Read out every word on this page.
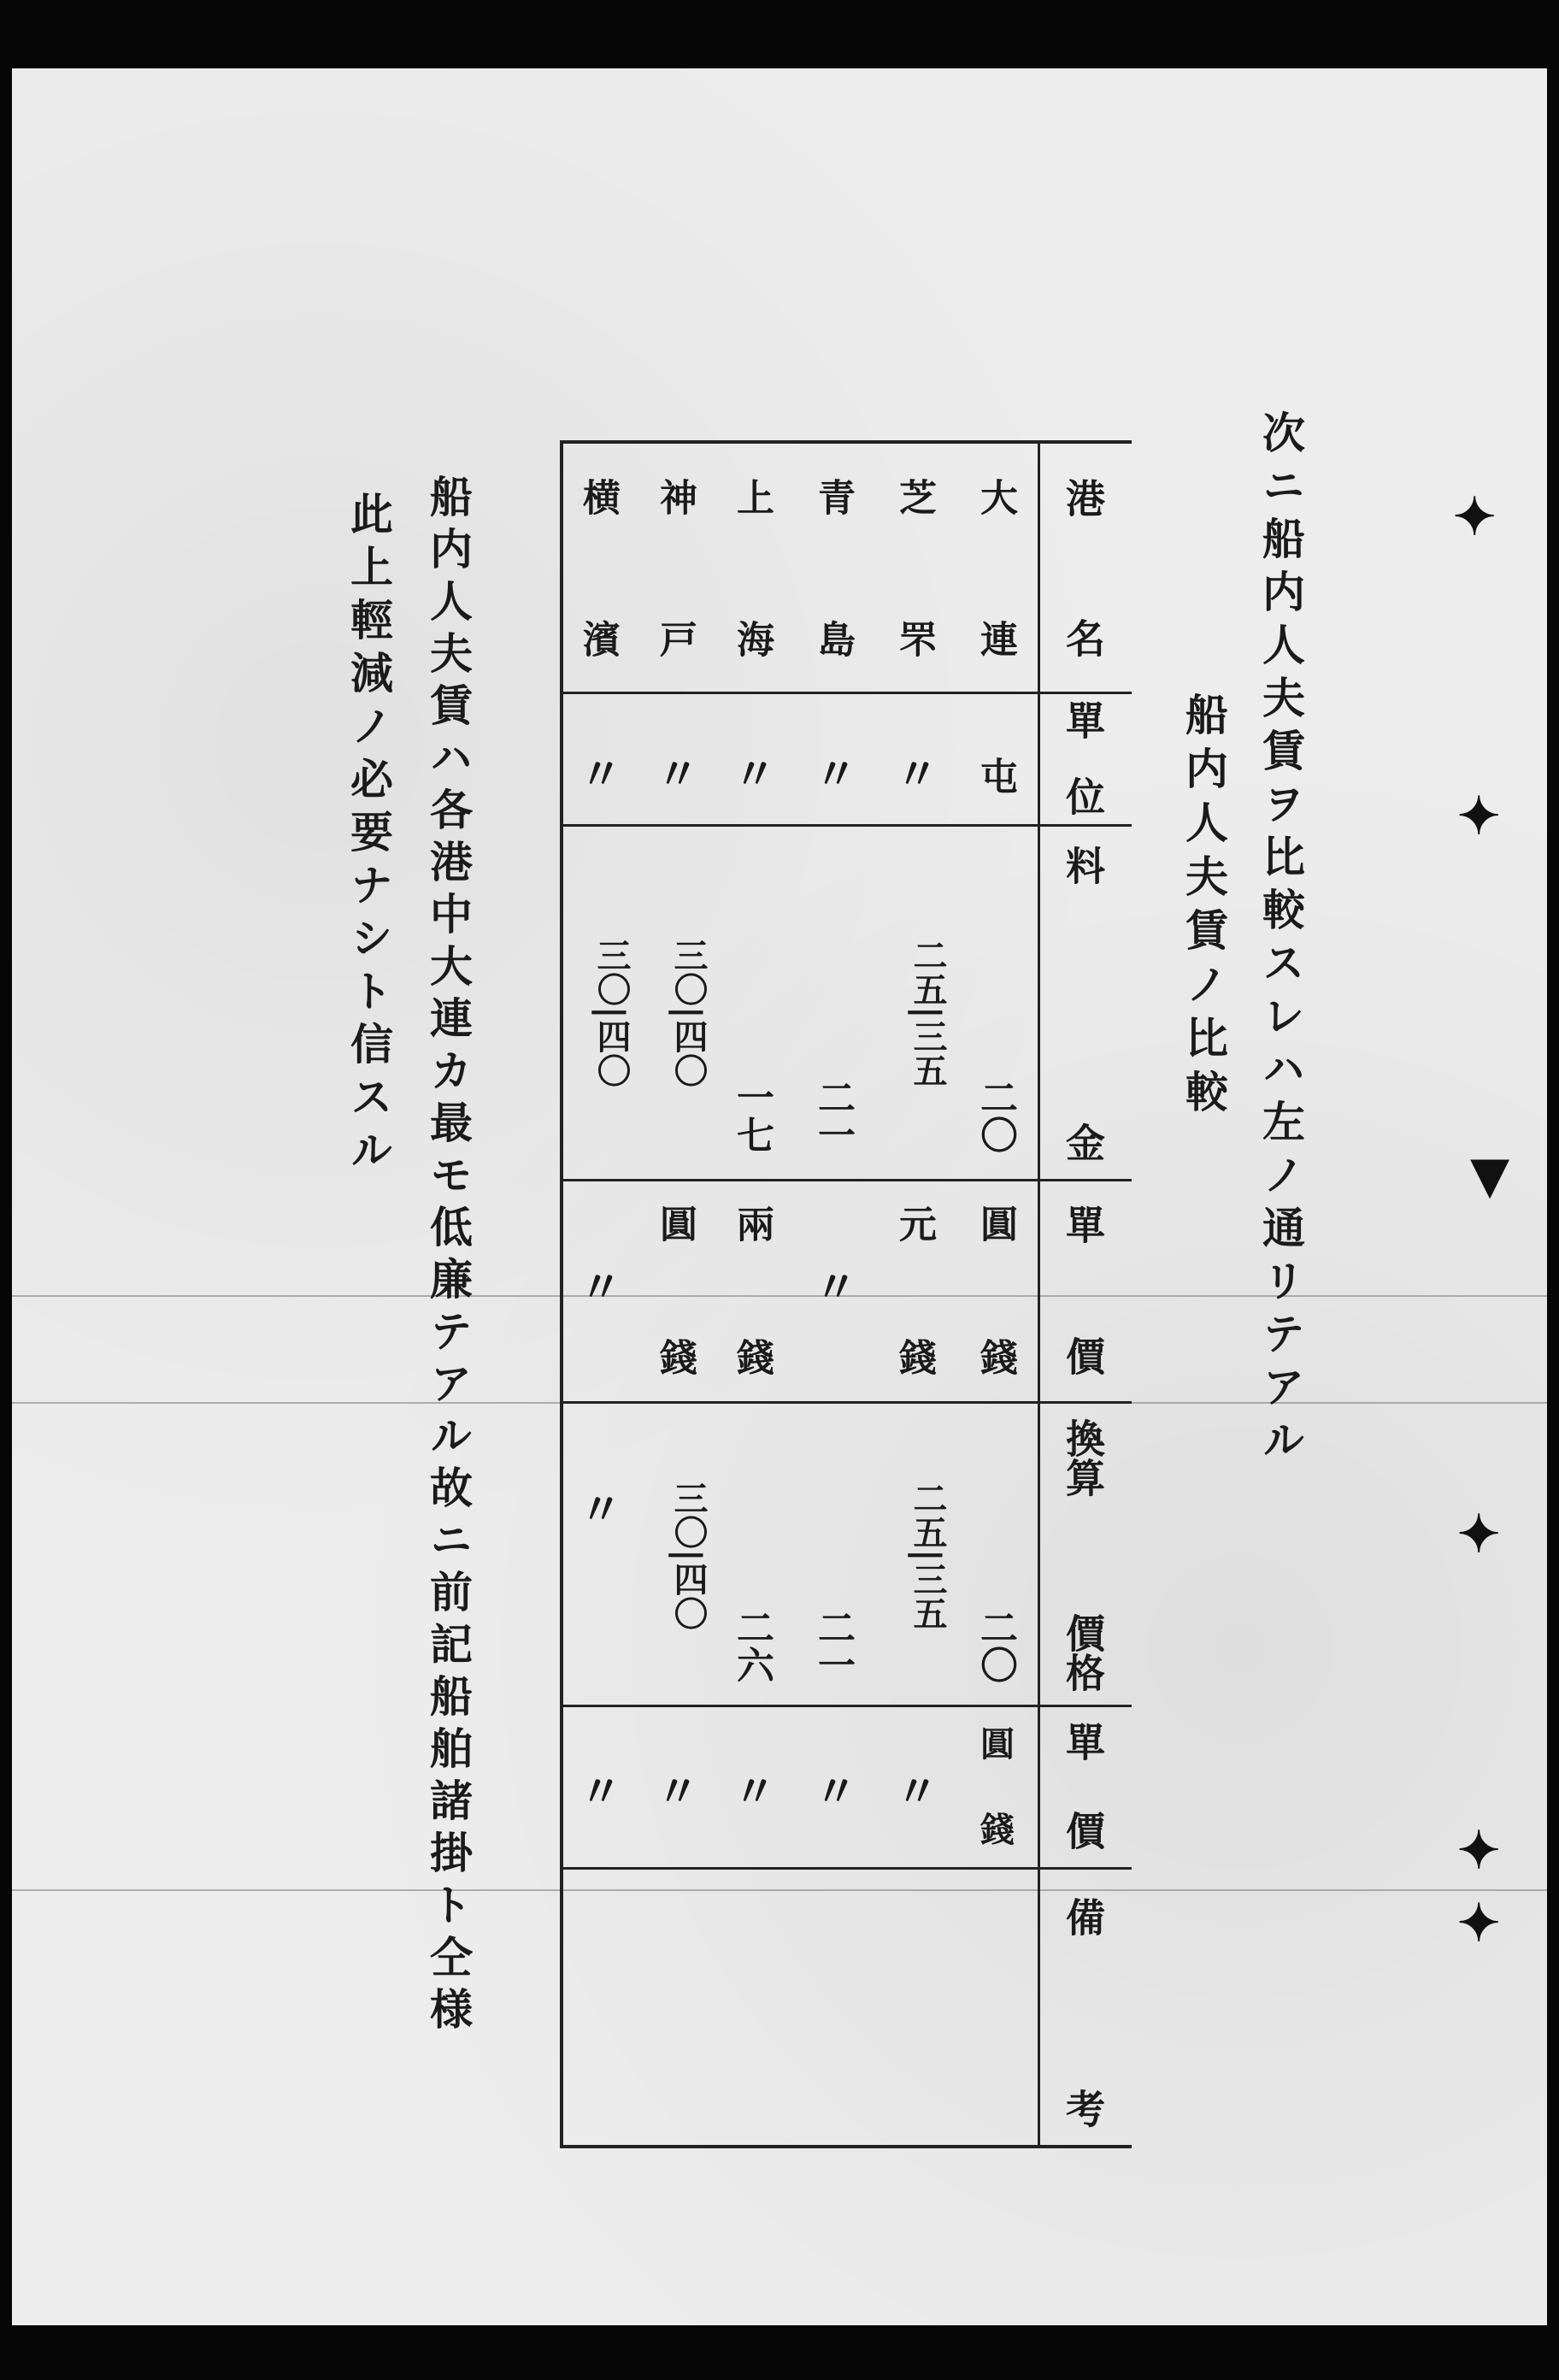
✦
✦
▼
✦
✦
✦
次ニ船内人夫賃ヲ比較スレハ左ノ通リテアル
船内人夫賃ノ比較
港
名
單
位
料
金
單
價
換算
價格
單
價
備
考
大
連
屯
二〇
圓
錢
二〇
圓
錢
芝
罘
〃
二五|三五
元
錢
二五|三五
〃
青
島
〃
二一
〃
二一
〃
上
海
〃
一七
兩
錢
二六
〃
神
戸
〃
三〇|四〇
圓
錢
三〇|四〇
〃
横
濱
〃
三〇|四〇
〃
〃
〃
船内人夫賃ハ各港中大連カ最モ低廉テアル故ニ前記船舶諸掛ト仝様
此上輕減ノ必要ナシト信スル
